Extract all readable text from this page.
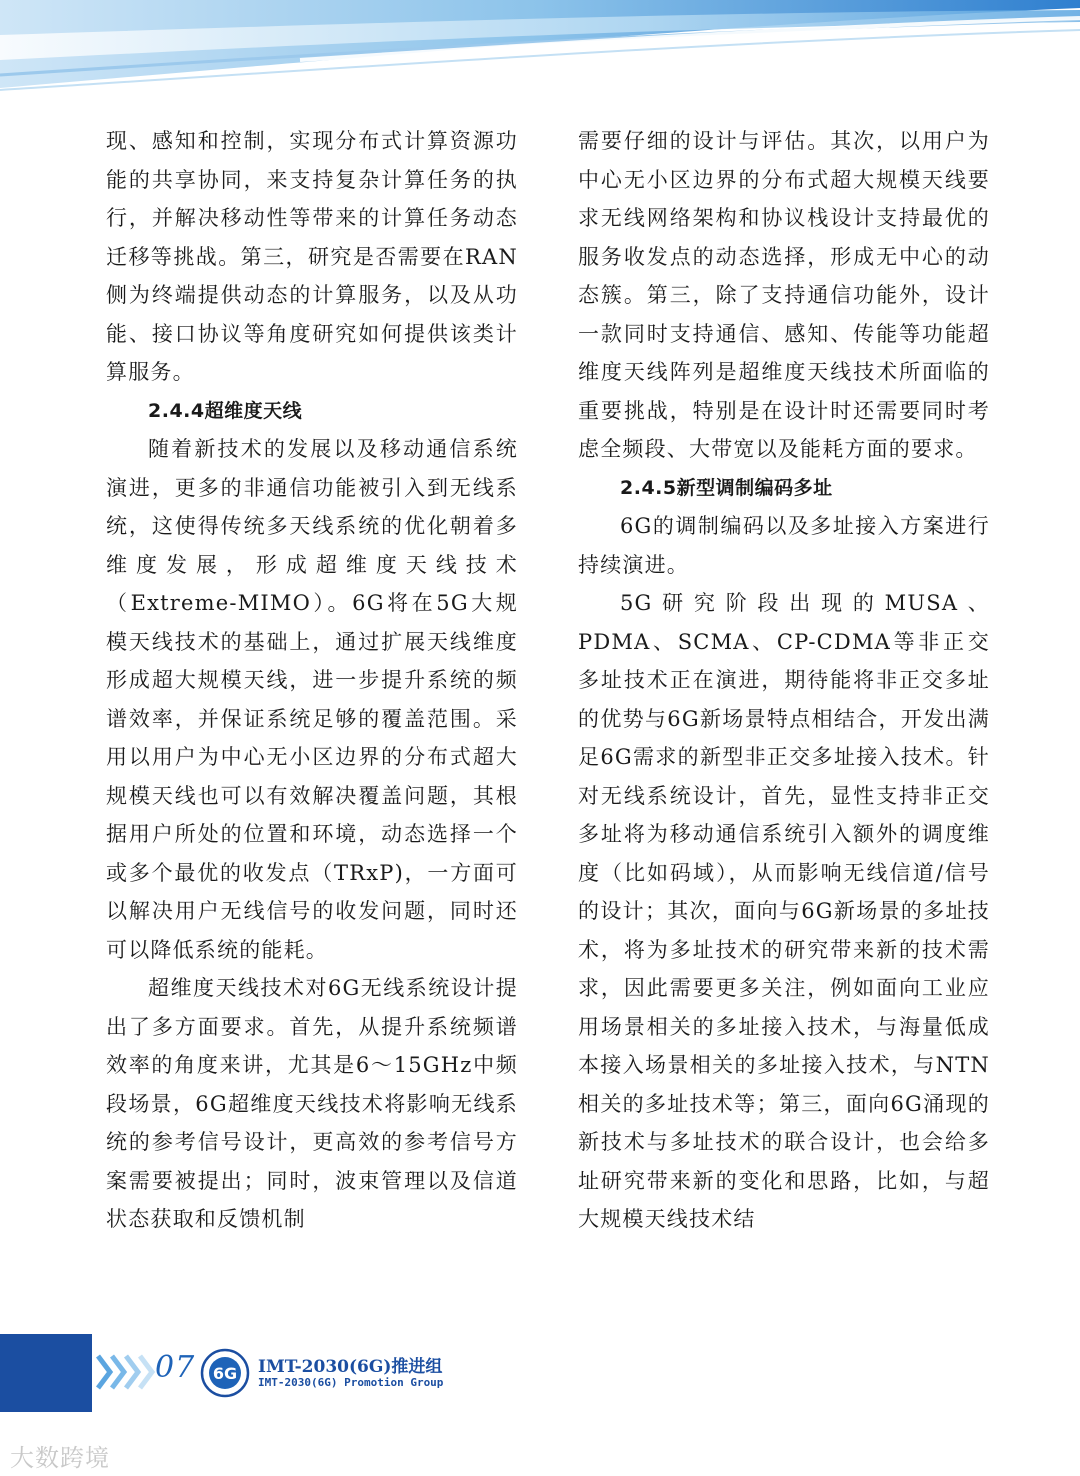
现、感知和控制，实现分布式计算资源功能的共享协同，来支持复杂计算任务的执行，并解决移动性等带来的计算任务动态迁移等挑战。第三，研究是否需要在RAN侧为终端提供动态的计算服务，以及从功能、接口协议等角度研究如何提供该类计算服务。

2.4.4超维度天线

随着新技术的发展以及移动通信系统演进，更多的非通信功能被引入到无线系统，这使得传统多天线系统的优化朝着多维度发展，形成超维度天线技术（Extreme-MIMO）。6G将在5G大规模天线技术的基础上，通过扩展天线维度形成超大规模天线，进一步提升系统的频谱效率，并保证系统足够的覆盖范围。采用以用户为中心无小区边界的分布式超大规模天线也可以有效解决覆盖问题，其根据用户所处的位置和环境，动态选择一个或多个最优的收发点（TRxP)，一方面可以解决用户无线信号的收发问题，同时还可以降低系统的能耗。

超维度天线技术对6G无线系统设计提出了多方面要求。首先，从提升系统频谱效率的角度来讲，尤其是6～15GHz中频段场景，6G超维度天线技术将影响无线系统的参考信号设计，更高效的参考信号方案需要被提出；同时，波束管理以及信道状态获取和反馈机制

需要仔细的设计与评估。其次，以用户为中心无小区边界的分布式超大规模天线要求无线网络架构和协议栈设计支持最优的服务收发点的动态选择，形成无中心的动态簇。第三，除了支持通信功能外，设计一款同时支持通信、感知、传能等功能超维度天线阵列是超维度天线技术所面临的重要挑战，特别是在设计时还需要同时考虑全频段、大带宽以及能耗方面的要求。

2.4.5新型调制编码多址

6G的调制编码以及多址接入方案进行持续演进。

5G研究阶段出现的MUSA、PDMA、SCMA、CP-CDMA等非正交多址技术正在演进，期待能将非正交多址的优势与6G新场景特点相结合，开发出满足6G需求的新型非正交多址接入技术。针对无线系统设计，首先，显性支持非正交多址将为移动通信系统引入额外的调度维度（比如码域），从而影响无线信道/信号的设计；其次，面向与6G新场景的多址技术，将为多址技术的研究带来新的技术需求，因此需要更多关注，例如面向工业应用场景相关的多址接入技术，与海量低成本接入场景相关的多址接入技术，与NTN相关的多址技术等；第三，面向6G涌现的新技术与多址技术的联合设计，也会给多址研究带来新的变化和思路，比如，与超大规模天线技术结

07 6G IMT-2030(6G)推进组
IMT-2030(6G) Promotion Group
大数跨境
